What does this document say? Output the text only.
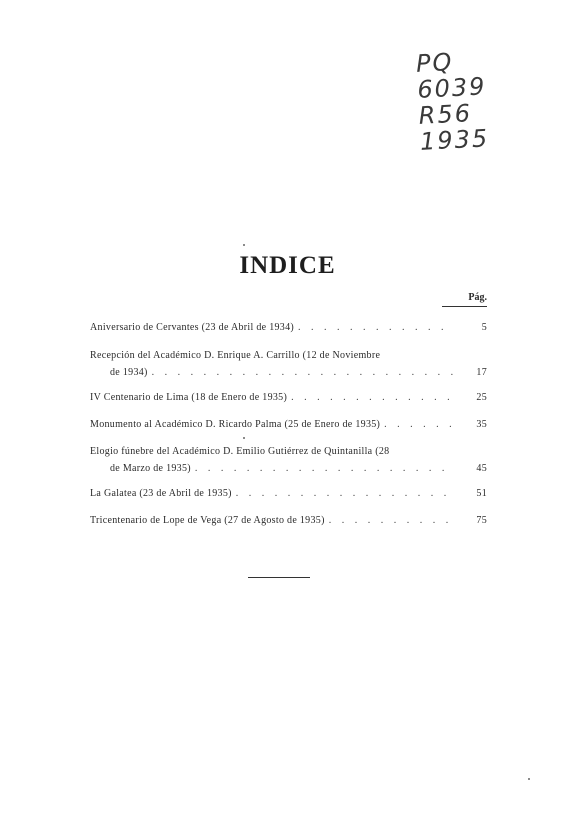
PQ
6039
R56
1935
INDICE
Pág.
Aniversario de Cervantes (23 de Abril de 1934) . . .	5
Recepción del Académico D. Enrique A. Carrillo (12 de Noviembre
de 1934) . . .	17
IV Centenario de Lima (18 de Enero de 1935) . . .	25
Monumento al Académico D. Ricardo Palma (25 de Enero de 1935) . . .	35
Elogio fúnebre del Académico D. Emilio Gutiérrez de Quintanilla (28
de Marzo de 1935) . . .	45
La Galatea (23 de Abril de 1935) . . .	51
Tricentenario de Lope de Vega (27 de Agosto de 1935) . . .	75
